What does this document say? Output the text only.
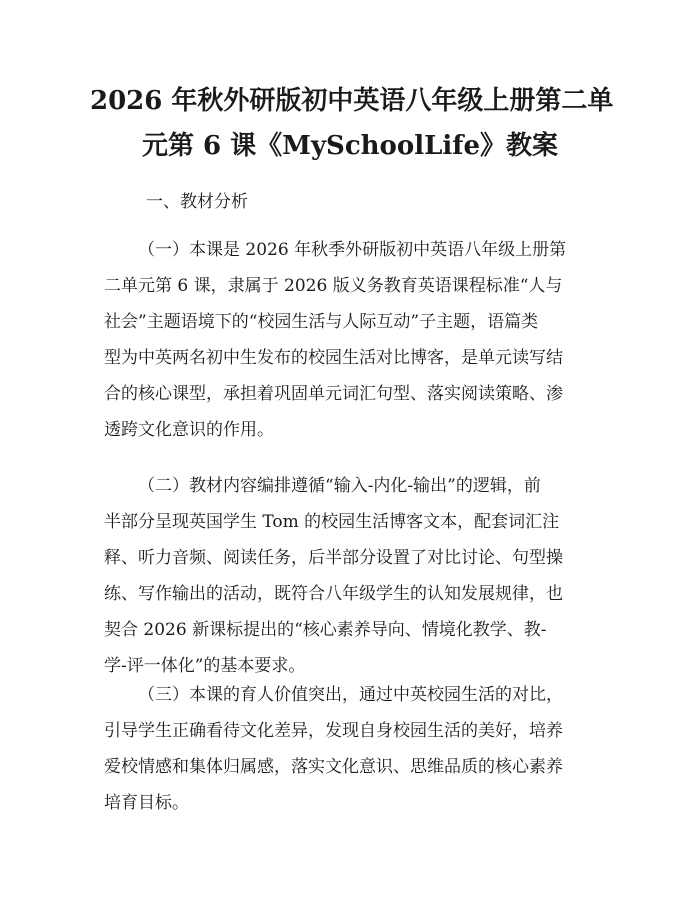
2026 年秋外研版初中英语八年级上册第二单
元第 6 课《MySchoolLife》教案
一、教材分析
（一）本课是 2026 年秋季外研版初中英语八年级上册第
二单元第 6 课，隶属于 2026 版义务教育英语课程标准“人与
社会”主题语境下的“校园生活与人际互动”子主题，语篇类
型为中英两名初中生发布的校园生活对比博客，是单元读写结
合的核心课型，承担着巩固单元词汇句型、落实阅读策略、渗
透跨文化意识的作用。
（二）教材内容编排遵循“输入-内化-输出”的逻辑，前
半部分呈现英国学生 Tom 的校园生活博客文本，配套词汇注
释、听力音频、阅读任务，后半部分设置了对比讨论、句型操
练、写作输出的活动，既符合八年级学生的认知发展规律，也
契合 2026 新课标提出的“核心素养导向、情境化教学、教-
学-评一体化”的基本要求。
（三）本课的育人价值突出，通过中英校园生活的对比，
引导学生正确看待文化差异，发现自身校园生活的美好，培养
爱校情感和集体归属感，落实文化意识、思维品质的核心素养
培育目标。
